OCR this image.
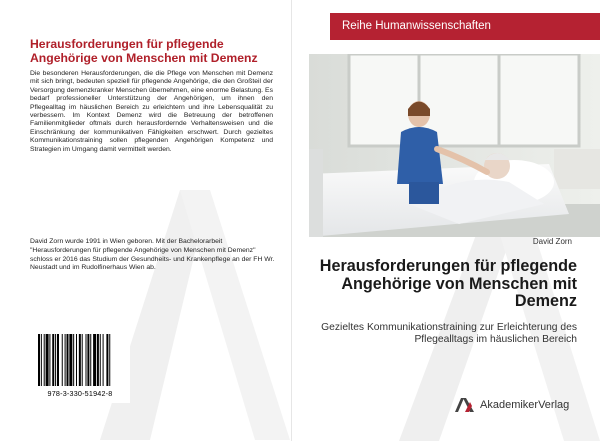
Herausforderungen für pflegende Angehörige von Menschen mit Demenz

Die besonderen Herausforderungen, die die Pflege von Menschen mit Demenz mit sich bringt, bedeuten speziell für pflegende Angehörige, die den Großteil der Versorgung demenzkranker Menschen übernehmen, eine enorme Belastung. Es bedarf professioneller Unterstützung der Angehörigen, um ihnen den Pflegealltag im häuslichen Bereich zu erleichtern und ihre Lebensqualität zu verbessern. Im Kontext Demenz wird die Betreuung der betroffenen Familienmitglieder oftmals durch herausfordernde Verhaltensweisen und die Einschränkung der kommunikativen Fähigkeiten erschwert. Durch gezieltes Kommunikationstraining sollen pflegenden Angehörigen Kompetenz und Strategien im Umgang damit vermittelt werden.

David Zorn wurde 1991 in Wien geboren. Mit der Bachelorarbeit "Herausforderungen für pflegende Angehörige von Menschen mit Demenz" schloss er 2016 das Studium der Gesundheits- und Krankenpflege an der FH Wr. Neustadt und im Rudolfinerhaus Wien ab.

978-3-330-51942-8
Reihe Humanwissenschaften
David Zorn
Herausforderungen für pflegende Angehörige von Menschen mit Demenz

Gezieltes Kommunikationstraining zur Erleichterung des Pflegealltags im häuslichen Bereich

AkademikerVerlag
